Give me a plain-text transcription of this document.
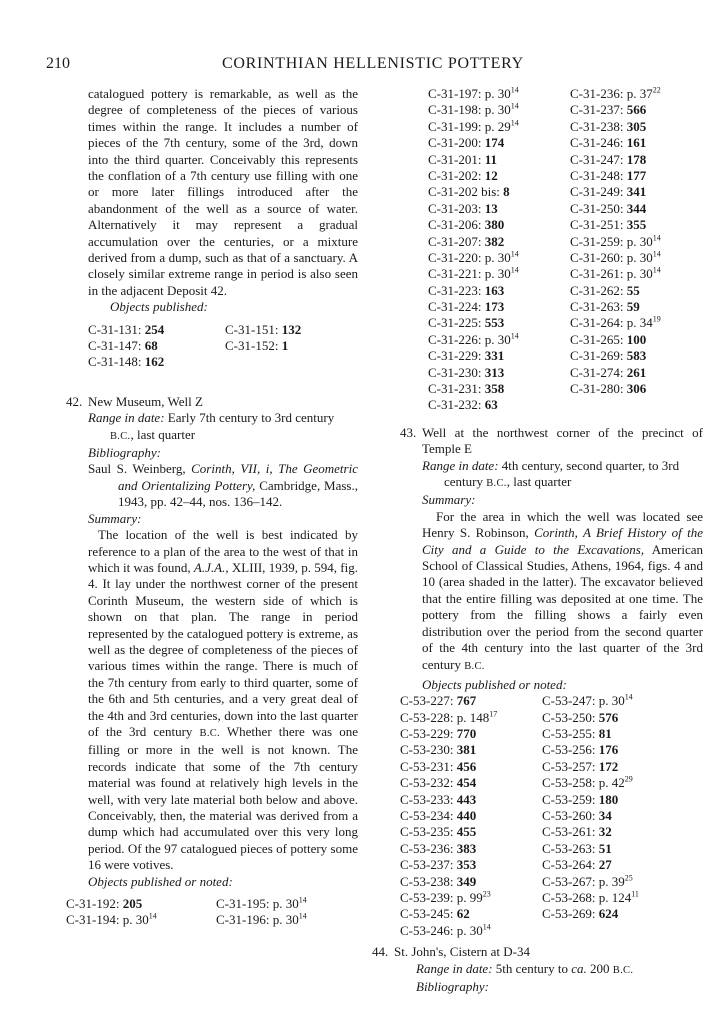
210	CORINTHIAN HELLENISTIC POTTERY

catalogued pottery is remarkable, as well as the degree of completeness of the pieces of various times within the range. It includes a number of pieces of the 7th century, some of the 3rd, down into the third quarter. Conceivably this represents the conflation of a 7th century use filling with one or more later fillings introduced after the abandonment of the well as a source of water. Alternatively it may represent a gradual accumulation over the centuries, or a mixture derived from a dump, such as that of a sanctuary. A closely similar extreme range in period is also seen in the adjacent Deposit 42.

Objects published:

C-31-131: 254	C-31-151: 132
C-31-147: 68	C-31-152: 1
C-31-148: 162
42. New Museum, Well Z

Range in date: Early 7th century to 3rd century B.C., last quarter

Bibliography:

Saul S. Weinberg, Corinth, VII, i, The Geometric and Orientalizing Pottery, Cambridge, Mass., 1943, pp. 42–44, nos. 136–142.

Summary:

The location of the well is best indicated by reference to a plan of the area to the west of that in which it was found, A.J.A., XLIII, 1939, p. 594, fig. 4. It lay under the northwest corner of the present Corinth Museum, the western side of which is shown on that plan. The range in period represented by the catalogued pottery is extreme, as well as the degree of completeness of the pieces of various times within the range. There is much of the 7th century from early to third quarter, some of the 6th and 5th centuries, and a very great deal of the 4th and 3rd centuries, down into the last quarter of the 3rd century B.C. Whether there was one filling or more in the well is not known. The records indicate that some of the 7th century material was found at relatively high levels in the well, with very late material both below and above. Conceivably, then, the material was derived from a dump which had accumulated over this very long period. Of the 97 catalogued pieces of pottery some 16 were votives.

Objects published or noted:

C-31-192: 205	C-31-195: p. $30^{14}$
C-31-194: p. $30^{14}$	C-31-196: p. $30^{14}$
C-31-197: p. $30^{14}$	C-31-236: p. $37^{22}$
C-31-198: p. $30^{14}$	C-31-237: 566
C-31-199: p. $29^{14}$	C-31-238: 305
C-31-200: 174	C-31-246: 161
C-31-201: 11	C-31-247: 178
C-31-202: 12	C-31-248: 177
C-31-202 bis: 8	C-31-249: 341
C-31-203: 13	C-31-250: 344
C-31-206: 380	C-31-251: 355
C-31-207: 382	C-31-259: p. $30^{14}$
C-31-220: p. $30^{14}$	C-31-260: p. $30^{14}$
C-31-221: p. $30^{14}$	C-31-261: p. $30^{14}$
C-31-223: 163	C-31-262: 55
C-31-224: 173	C-31-263: 59
C-31-225: 553	C-31-264: p. $34^{19}$
C-31-226: p. $30^{14}$	C-31-265: 100
C-31-229: 331	C-31-269: 583
C-31-230: 313	C-31-274: 261
C-31-231: 358	C-31-280: 306
C-31-232: 63
43. Well at the northwest corner of the precinct of Temple E

Range in date: 4th century, second quarter, to 3rd century B.C., last quarter

Summary:

For the area in which the well was located see Henry S. Robinson, Corinth, A Brief History of the City and a Guide to the Excavations, American School of Classical Studies, Athens, 1964, figs. 4 and 10 (area shaded in the latter). The excavator believed that the entire filling was deposited at one time. The pottery from the filling shows a fairly even distribution over the period from the second quarter of the 4th century into the last quarter of the 3rd century B.C.

Objects published or noted:

C-53-227: 767	C-53-247: p. $30^{14}$
C-53-228: p. $148^{17}$	C-53-250: 576
C-53-229: 770	C-53-255: 81
C-53-230: 381	C-53-256: 176
C-53-231: 456	C-53-257: 172
C-53-232: 454	C-53-258: p. $42^{29}$
C-53-233: 443	C-53-259: 180
C-53-234: 440	C-53-260: 34
C-53-235: 455	C-53-261: 32
C-53-236: 383	C-53-263: 51
C-53-237: 353	C-53-264: 27
C-53-238: 349	C-53-267: p. $39^{25}$
C-53-239: p. $99^{23}$	C-53-268: p. $124^{11}$
C-53-245: 62	C-53-269: 624
C-53-246: p. $30^{14}$
44. St. John's, Cistern at D-34

Range in date: 5th century to ca. 200 B.C.

Bibliography:
